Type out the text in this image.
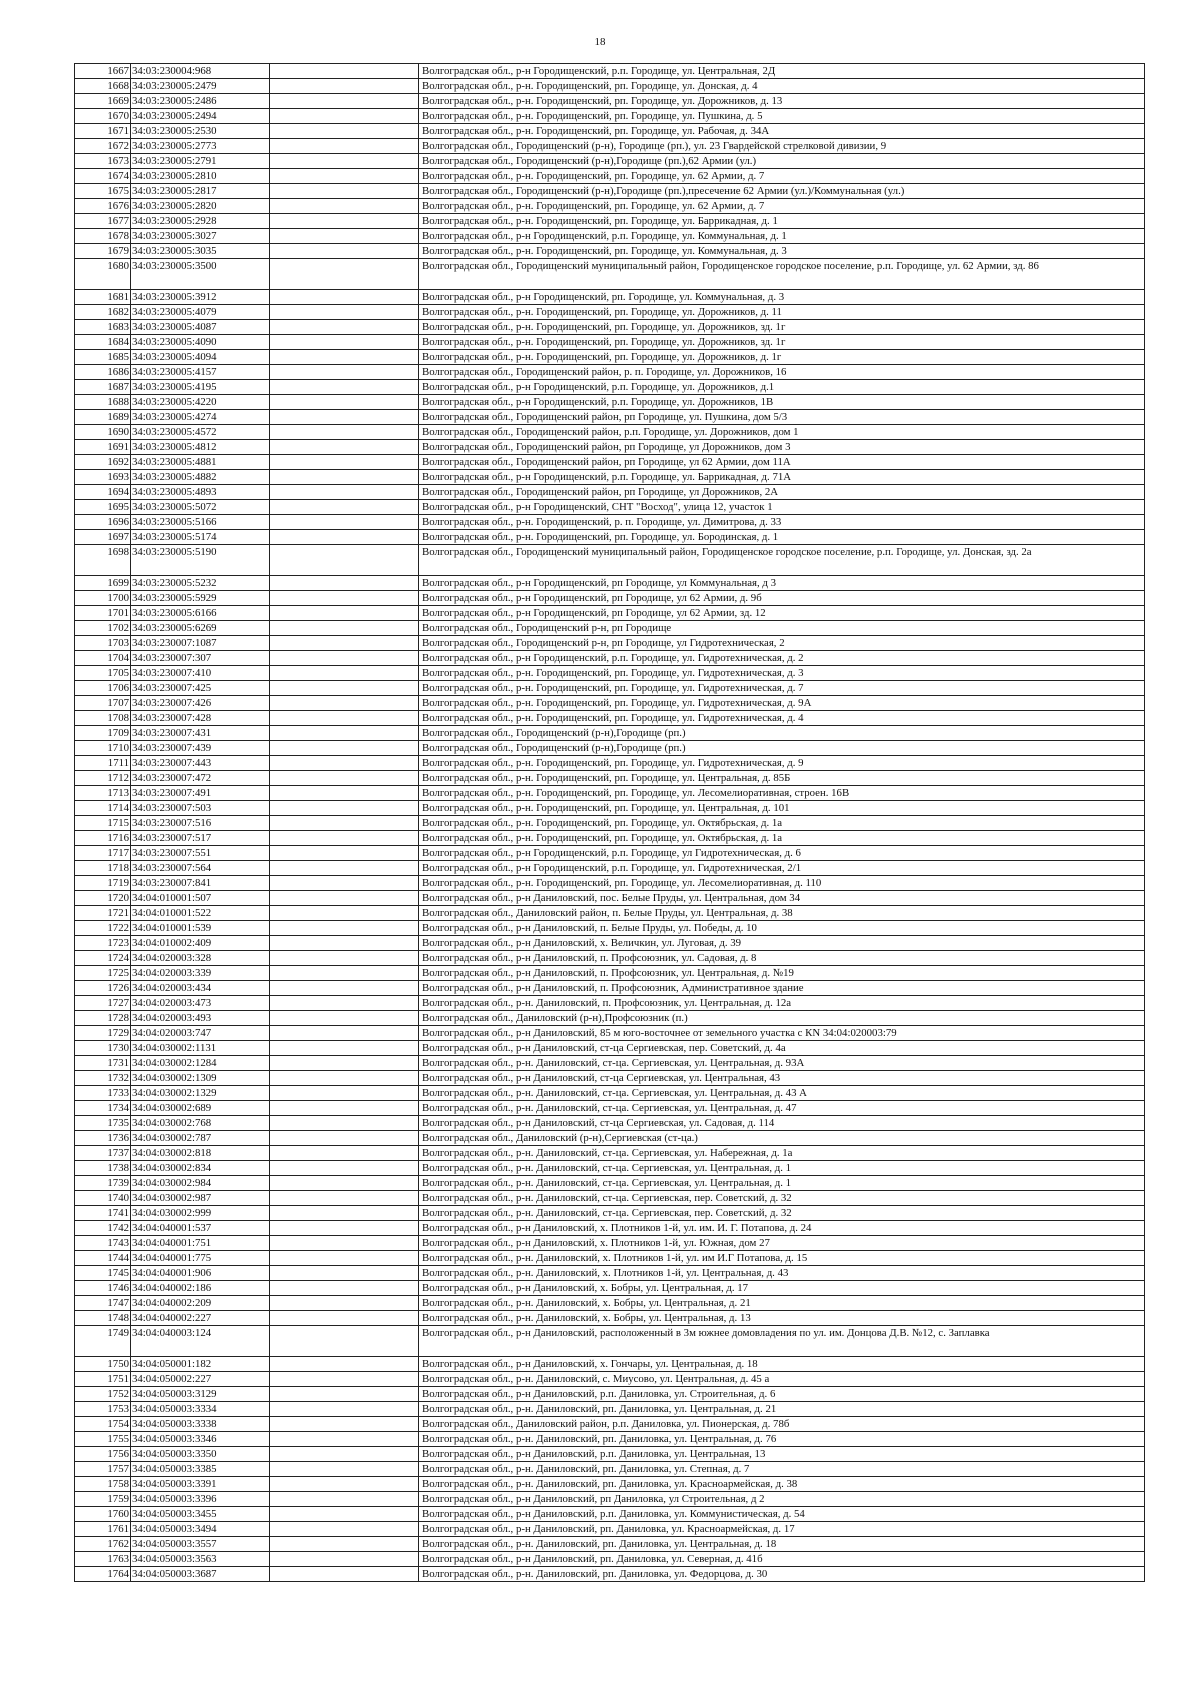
18
1667	34:03:230004:968		Волгоградская обл., р-н Городищенский, р.п. Городище, ул. Центральная, 2Д
1668	34:03:230005:2479		Волгоградская обл., р-н. Городищенский, рп. Городище, ул. Донская, д. 4
1669	34:03:230005:2486		Волгоградская обл., р-н. Городищенский, рп. Городище, ул. Дорожников, д. 13
1670	34:03:230005:2494		Волгоградская обл., р-н. Городищенский, рп. Городище, ул. Пушкина, д. 5
1671	34:03:230005:2530		Волгоградская обл., р-н. Городищенский, рп. Городище, ул. Рабочая, д. 34А
1672	34:03:230005:2773		Волгоградская обл., Городищенский (р-н), Городище (рп.), ул. 23 Гвардейской стрелковой дивизии, 9
1673	34:03:230005:2791		Волгоградская обл., Городищенский (р-н),Городище (рп.),62 Армии (ул.)
1674	34:03:230005:2810		Волгоградская обл., р-н. Городищенский, рп. Городище, ул. 62 Армии, д. 7
1675	34:03:230005:2817		Волгоградская обл., Городищенский (р-н),Городище (рп.),пресечение 62 Армии (ул.)/Коммунальная (ул.)
1676	34:03:230005:2820		Волгоградская обл., р-н. Городищенский, рп. Городище, ул. 62 Армии, д. 7
1677	34:03:230005:2928		Волгоградская обл., р-н. Городищенский, рп. Городище, ул. Баррикадная, д. 1
1678	34:03:230005:3027		Волгоградская обл., р-н Городищенский, р.п. Городище, ул. Коммунальная, д. 1
1679	34:03:230005:3035		Волгоградская обл., р-н. Городищенский, рп. Городище, ул. Коммунальная, д. 3
1680	34:03:230005:3500		Волгоградская обл., Городищенский муниципальный район, Городищенское городское поселение, р.п. Городище, ул. 62 Армии, зд. 86
1681	34:03:230005:3912		Волгоградская обл., р-н Городищенский, рп. Городище, ул. Коммунальная, д. 3
1682	34:03:230005:4079		Волгоградская обл., р-н. Городищенский, рп. Городище, ул. Дорожников, д. 11
1683	34:03:230005:4087		Волгоградская обл., р-н. Городищенский, рп. Городище, ул. Дорожников, зд. 1г
1684	34:03:230005:4090		Волгоградская обл., р-н. Городищенский, рп. Городище, ул. Дорожников, зд. 1г
1685	34:03:230005:4094		Волгоградская обл., р-н. Городищенский, рп. Городище, ул. Дорожников, д. 1г
1686	34:03:230005:4157		Волгоградская обл., Городищенский район, р. п. Городище, ул. Дорожников, 16
1687	34:03:230005:4195		Волгоградская обл., р-н Городищенский, р.п. Городище, ул. Дорожников, д.1
1688	34:03:230005:4220		Волгоградская обл., р-н Городищенский, р.п. Городище, ул. Дорожников, 1В
1689	34:03:230005:4274		Волгоградская обл., Городищенский район, рп Городище, ул. Пушкина, дом 5/3
1690	34:03:230005:4572		Волгоградская обл., Городищенский район, р.п. Городище, ул. Дорожников, дом 1
1691	34:03:230005:4812		Волгоградская обл., Городищенский район, рп Городище, ул Дорожников, дом 3
1692	34:03:230005:4881		Волгоградская обл., Городищенский район, рп Городище, ул 62 Армии, дом 11А
1693	34:03:230005:4882		Волгоградская обл., р-н Городищенский, р.п. Городище, ул. Баррикадная, д. 71А
1694	34:03:230005:4893		Волгоградская обл., Городищенский район, рп Городище, ул Дорожников, 2А
1695	34:03:230005:5072		Волгоградская обл., р-н Городищенский, СНТ "Восход", улица 12, участок 1
1696	34:03:230005:5166		Волгоградская обл., р-н. Городищенский, р. п. Городище, ул. Димитрова, д. 33
1697	34:03:230005:5174		Волгоградская обл., р-н. Городищенский, рп. Городище, ул. Бородинская, д. 1
1698	34:03:230005:5190		Волгоградская обл., Городищенский муниципальный район, Городищенское городское поселение, р.п. Городище, ул. Донская, зд. 2а
1699	34:03:230005:5232		Волгоградская обл., р-н Городищенский, рп Городище, ул Коммунальная, д 3
1700	34:03:230005:5929		Волгоградская обл., р-н Городищенский, рп Городище, ул 62 Армии, д. 9б
1701	34:03:230005:6166		Волгоградская обл., р-н Городищенский, рп Городище, ул 62 Армии, зд. 12
1702	34:03:230005:6269		Волгоградская обл., Городищенский р-н, рп Городище
1703	34:03:230007:1087		Волгоградская обл., Городищенский р-н, рп Городище, ул Гидротехническая, 2
1704	34:03:230007:307		Волгоградская обл., р-н Городищенский, р.п. Городище, ул. Гидротехническая, д. 2
1705	34:03:230007:410		Волгоградская обл., р-н. Городищенский, рп. Городище, ул. Гидротехническая, д. 3
1706	34:03:230007:425		Волгоградская обл., р-н. Городищенский, рп. Городище, ул. Гидротехническая, д. 7
1707	34:03:230007:426		Волгоградская обл., р-н. Городищенский, рп. Городище, ул. Гидротехническая, д. 9А
1708	34:03:230007:428		Волгоградская обл., р-н. Городищенский, рп. Городище, ул. Гидротехническая, д. 4
1709	34:03:230007:431		Волгоградская обл., Городищенский (р-н),Городище (рп.)
1710	34:03:230007:439		Волгоградская обл., Городищенский (р-н),Городище (рп.)
1711	34:03:230007:443		Волгоградская обл., р-н. Городищенский, рп. Городище, ул. Гидротехническая, д. 9
1712	34:03:230007:472		Волгоградская обл., р-н. Городищенский, рп. Городище, ул. Центральная, д. 85Б
1713	34:03:230007:491		Волгоградская обл., р-н. Городищенский, рп. Городище, ул. Лесомелиоративная, строен. 16В
1714	34:03:230007:503		Волгоградская обл., р-н. Городищенский, рп. Городище, ул. Центральная, д. 101
1715	34:03:230007:516		Волгоградская обл., р-н. Городищенский, рп. Городище, ул. Октябрьская, д. 1а
1716	34:03:230007:517		Волгоградская обл., р-н. Городищенский, рп. Городище, ул. Октябрьская, д. 1а
1717	34:03:230007:551		Волгоградская обл., р-н Городищенский, р.п. Городище, ул Гидротехническая, д. 6
1718	34:03:230007:564		Волгоградская обл., р-н Городищенский, р.п. Городище, ул. Гидротехническая, 2/1
1719	34:03:230007:841		Волгоградская обл., р-н. Городищенский, рп. Городище, ул. Лесомелиоративная, д. 110
1720	34:04:010001:507		Волгоградская обл., р-н Даниловский, пос. Белые Пруды, ул. Центральная, дом 34
1721	34:04:010001:522		Волгоградская обл., Даниловский район, п. Белые Пруды, ул. Центральная, д. 38
1722	34:04:010001:539		Волгоградская обл., р-н Даниловский, п. Белые Пруды, ул. Победы, д. 10
1723	34:04:010002:409		Волгоградская обл., р-н Даниловский, х. Величкин, ул. Луговая, д. 39
1724	34:04:020003:328		Волгоградская обл., р-н Даниловский, п. Профсоюзник, ул. Садовая, д. 8
1725	34:04:020003:339		Волгоградская обл., р-н Даниловский, п. Профсоюзник, ул. Центральная, д. №19
1726	34:04:020003:434		Волгоградская обл., р-н Даниловский, п. Профсоюзник, Административное здание
1727	34:04:020003:473		Волгоградская обл., р-н. Даниловский, п. Профсоюзник, ул. Центральная, д. 12а
1728	34:04:020003:493		Волгоградская обл., Даниловский (р-н),Профсоюзник (п.)
1729	34:04:020003:747		Волгоградская обл., р-н Даниловский, 85 м юго-восточнее от земельного участка с КN 34:04:020003:79
1730	34:04:030002:1131		Волгоградская обл., р-н Даниловский, ст-ца Сергиевская, пер. Советский, д. 4а
1731	34:04:030002:1284		Волгоградская обл., р-н. Даниловский, ст-ца. Сергиевская, ул. Центральная, д. 93А
1732	34:04:030002:1309		Волгоградская обл., р-н Даниловский, ст-ца Сергиевская, ул. Центральная, 43
1733	34:04:030002:1329		Волгоградская обл., р-н. Даниловский, ст-ца. Сергиевская, ул. Центральная, д. 43 А
1734	34:04:030002:689		Волгоградская обл., р-н. Даниловский, ст-ца. Сергиевская, ул. Центральная, д. 47
1735	34:04:030002:768		Волгоградская обл., р-н Даниловский, ст-ца Сергиевская, ул. Садовая, д. 114
1736	34:04:030002:787		Волгоградская обл., Даниловский (р-н),Сергиевская (ст-ца.)
1737	34:04:030002:818		Волгоградская обл., р-н. Даниловский, ст-ца. Сергиевская, ул. Набережная, д. 1а
1738	34:04:030002:834		Волгоградская обл., р-н. Даниловский, ст-ца. Сергиевская, ул. Центральная, д. 1
1739	34:04:030002:984		Волгоградская обл., р-н. Даниловский, ст-ца. Сергиевская, ул. Центральная, д. 1
1740	34:04:030002:987		Волгоградская обл., р-н. Даниловский, ст-ца. Сергиевская, пер. Советский, д. 32
1741	34:04:030002:999		Волгоградская обл., р-н. Даниловский, ст-ца. Сергиевская, пер. Советский, д. 32
1742	34:04:040001:537		Волгоградская обл., р-н Даниловский, х. Плотников 1-й, ул. им. И. Г. Потапова, д. 24
1743	34:04:040001:751		Волгоградская обл., р-н Даниловский, х. Плотников 1-й, ул. Южная, дом 27
1744	34:04:040001:775		Волгоградская обл., р-н. Даниловский, х. Плотников 1-й, ул. им И.Г Потапова, д. 15
1745	34:04:040001:906		Волгоградская обл., р-н. Даниловский, х. Плотников 1-й, ул. Центральная, д. 43
1746	34:04:040002:186		Волгоградская обл., р-н Даниловский, х. Бобры, ул. Центральная, д. 17
1747	34:04:040002:209		Волгоградская обл., р-н. Даниловский, х. Бобры, ул. Центральная, д. 21
1748	34:04:040002:227		Волгоградская обл., р-н. Даниловский, х. Бобры, ул. Центральная, д. 13
1749	34:04:040003:124		Волгоградская обл., р-н Даниловский, расположенный в 3м южнее домовладения по ул. им. Донцова Д.В. №12, с. Заплавка
1750	34:04:050001:182		Волгоградская обл., р-н Даниловский, х. Гончары, ул. Центральная, д. 18
1751	34:04:050002:227		Волгоградская обл., р-н. Даниловский, с. Миусово, ул. Центральная, д. 45 а
1752	34:04:050003:3129		Волгоградская обл., р-н Даниловский, р.п. Даниловка, ул. Строительная, д. 6
1753	34:04:050003:3334		Волгоградская обл., р-н. Даниловский, рп. Даниловка, ул. Центральная, д. 21
1754	34:04:050003:3338		Волгоградская обл., Даниловский район, р.п. Даниловка, ул. Пионерская, д. 78б
1755	34:04:050003:3346		Волгоградская обл., р-н. Даниловский, рп. Даниловка, ул. Центральная, д. 76
1756	34:04:050003:3350		Волгоградская обл., р-н Даниловский, р.п. Даниловка, ул. Центральная, 13
1757	34:04:050003:3385		Волгоградская обл., р-н. Даниловский, рп. Даниловка, ул. Степная, д. 7
1758	34:04:050003:3391		Волгоградская обл., р-н. Даниловский, рп. Даниловка, ул. Красноармейская, д. 38
1759	34:04:050003:3396		Волгоградская обл., р-н Даниловский, рп Даниловка, ул Строительная, д 2
1760	34:04:050003:3455		Волгоградская обл., р-н Даниловский, р.п. Даниловка, ул. Коммунистическая, д. 54
1761	34:04:050003:3494		Волгоградская обл., р-н Даниловский, рп. Даниловка, ул. Красноармейская, д. 17
1762	34:04:050003:3557		Волгоградская обл., р-н. Даниловский, рп. Даниловка, ул. Центральная, д. 18
1763	34:04:050003:3563		Волгоградская обл., р-н Даниловский, рп. Даниловка, ул. Северная, д. 41б
1764	34:04:050003:3687		Волгоградская обл., р-н. Даниловский, рп. Даниловка, ул. Федорцова, д. 30
